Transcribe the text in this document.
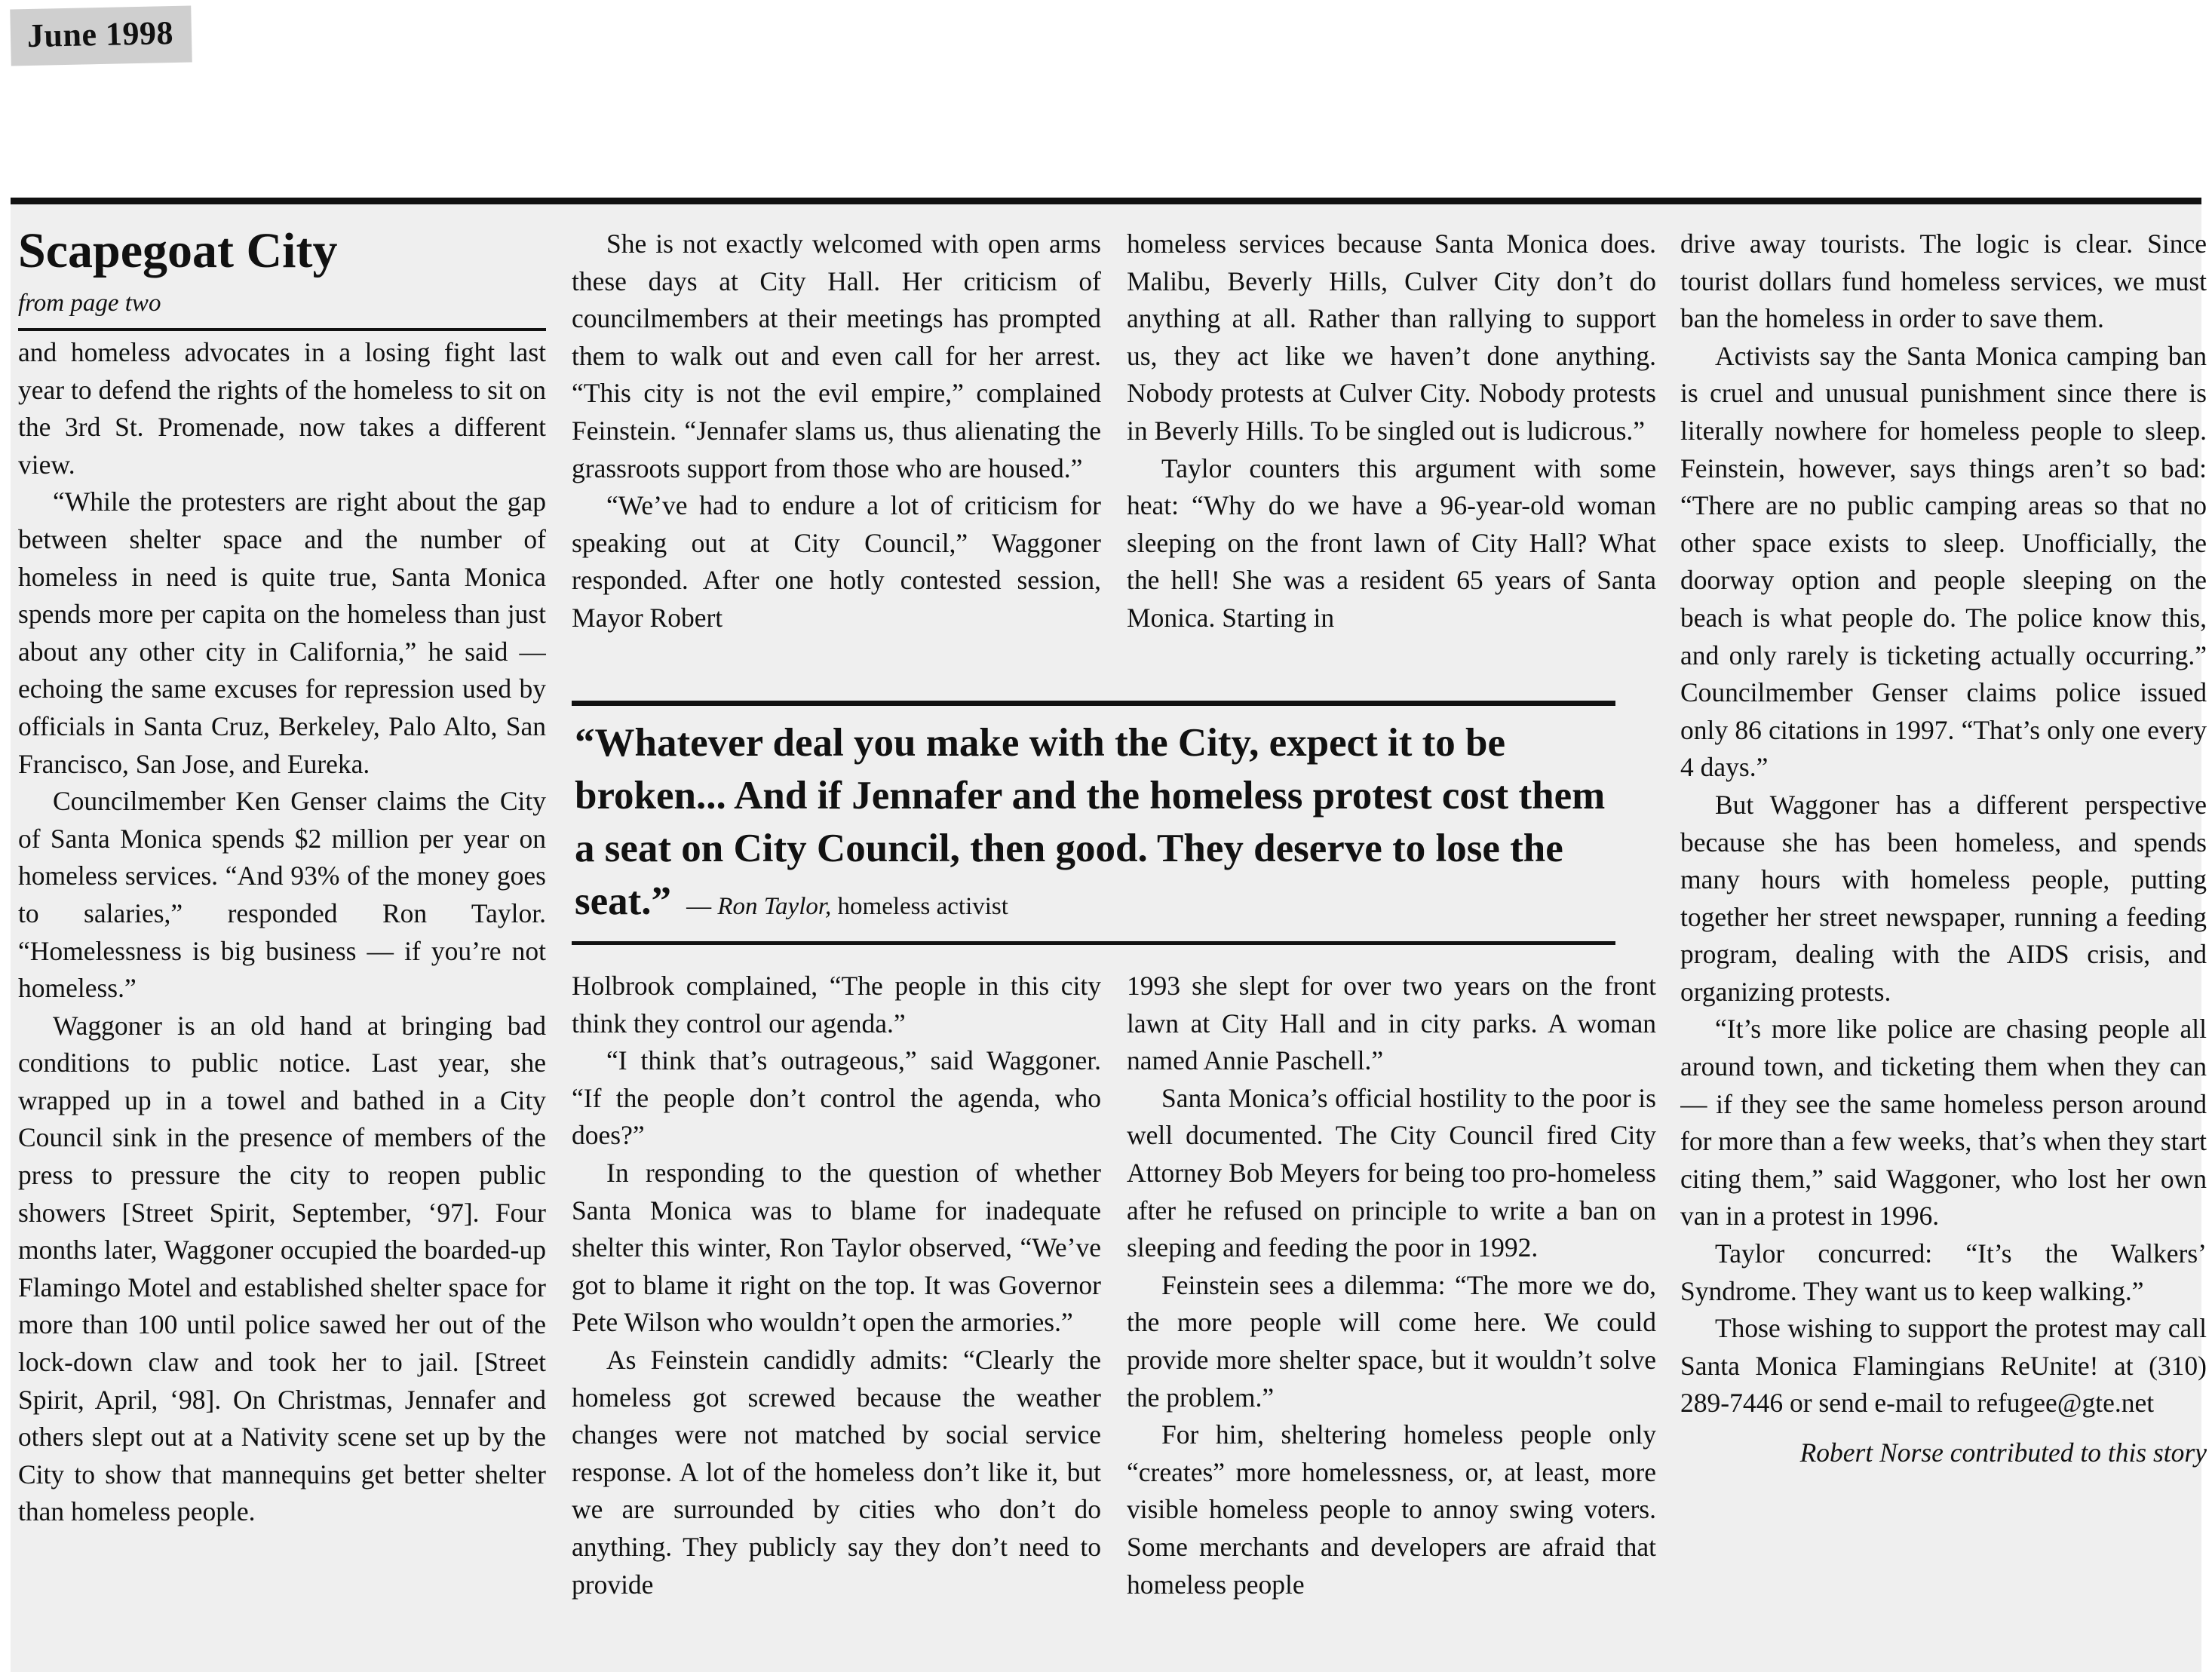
June 1998
Scapegoat City
from page two

and homeless advocates in a losing fight last year to defend the rights of the homeless to sit on the 3rd St. Promenade, now takes a different view.

“While the protesters are right about the gap between shelter space and the number of homeless in need is quite true, Santa Monica spends more per capita on the homeless than just about any other city in California,” he said — echoing the same excuses for repression used by officials in Santa Cruz, Berkeley, Palo Alto, San Francisco, San Jose, and Eureka.

Councilmember Ken Genser claims the City of Santa Monica spends $2 million per year on homeless services. “And 93% of the money goes to salaries,” responded Ron Taylor. “Homelessness is big business — if you’re not homeless.”

Waggoner is an old hand at bringing bad conditions to public notice. Last year, she wrapped up in a towel and bathed in a City Council sink in the presence of members of the press to pressure the city to reopen public showers [Street Spirit, September, ‘97]. Four months later, Waggoner occupied the boarded-up Flamingo Motel and established shelter space for more than 100 until police sawed her out of the lock-down claw and took her to jail. [Street Spirit, April, ‘98]. On Christmas, Jennafer and others slept out at a Nativity scene set up by the City to show that mannequins get better shelter than homeless people.

She is not exactly welcomed with open arms these days at City Hall. Her criticism of councilmembers at their meetings has prompted them to walk out and even call for her arrest. “This city is not the evil empire,” complained Feinstein. “Jennafer slams us, thus alienating the grassroots support from those who are housed.”

“We’ve had to endure a lot of criticism for speaking out at City Council,” Waggoner responded. After one hotly contested session, Mayor Robert

homeless services because Santa Monica does. Malibu, Beverly Hills, Culver City don’t do anything at all. Rather than rallying to support us, they act like we haven’t done anything. Nobody protests at Culver City. Nobody protests in Beverly Hills. To be singled out is ludicrous.”

Taylor counters this argument with some heat: “Why do we have a 96-year-old woman sleeping on the front lawn of City Hall? What the hell! She was a resident 65 years of Santa Monica. Starting in

“Whatever deal you make with the City, expect it to be broken... And if Jennafer and the homeless protest cost them a seat on City Council, then good. They deserve to lose the seat.” — Ron Taylor, homeless activist

Holbrook complained, “The people in this city think they control our agenda.”

“I think that’s outrageous,” said Waggoner. “If the people don’t control the agenda, who does?”

In responding to the question of whether Santa Monica was to blame for inadequate shelter this winter, Ron Taylor observed, “We’ve got to blame it right on the top. It was Governor Pete Wilson who wouldn’t open the armories.”

As Feinstein candidly admits: “Clearly the homeless got screwed because the weather changes were not matched by social service response. A lot of the homeless don’t like it, but we are surrounded by cities who don’t do anything. They publicly say they don’t need to provide

1993 she slept for over two years on the front lawn at City Hall and in city parks. A woman named Annie Paschell.”

Santa Monica’s official hostility to the poor is well documented. The City Council fired City Attorney Bob Meyers for being too pro-homeless after he refused on principle to write a ban on sleeping and feeding the poor in 1992.

Feinstein sees a dilemma: “The more we do, the more people will come here. We could provide more shelter space, but it wouldn’t solve the problem.”

For him, sheltering homeless people only “creates” more homelessness, or, at least, more visible homeless people to annoy swing voters. Some merchants and developers are afraid that homeless people

drive away tourists. The logic is clear. Since tourist dollars fund homeless services, we must ban the homeless in order to save them.

Activists say the Santa Monica camping ban is cruel and unusual punishment since there is literally nowhere for homeless people to sleep. Feinstein, however, says things aren’t so bad: “There are no public camping areas so that no other space exists to sleep. Unofficially, the doorway option and people sleeping on the beach is what people do. The police know this, and only rarely is ticketing actually occurring.” Councilmember Genser claims police issued only 86 citations in 1997. “That’s only one every 4 days.”

But Waggoner has a different perspective because she has been homeless, and spends many hours with homeless people, putting together her street newspaper, running a feeding program, dealing with the AIDS crisis, and organizing protests.

“It’s more like police are chasing people all around town, and ticketing them when they can — if they see the same homeless person around for more than a few weeks, that’s when they start citing them,” said Waggoner, who lost her own van in a protest in 1996.

Taylor concurred: “It’s the Walkers’ Syndrome. They want us to keep walking.”

Those wishing to support the protest may call Santa Monica Flamingians ReUnite! at (310) 289-7446 or send e-mail to refugee@gte.net

Robert Norse contributed to this story
